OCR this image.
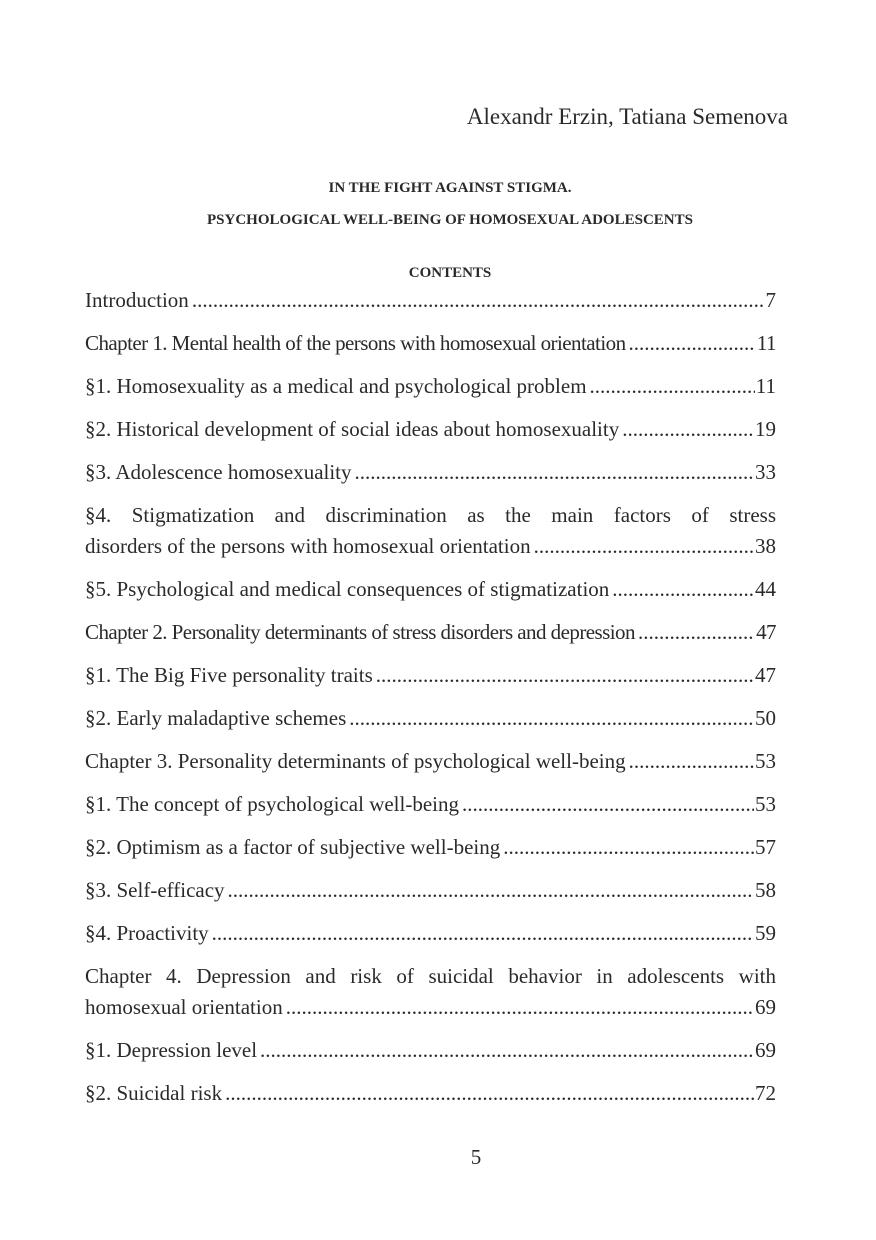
Alexandr Erzin, Tatiana Semenova
IN THE FIGHT AGAINST STIGMA.
PSYCHOLOGICAL WELL-BEING OF HOMOSEXUAL ADOLESCENTS
CONTENTS
Introduction .....	7
Chapter 1. Mental health of the persons with homosexual orientation .....	11
§1. Homosexuality as a medical and psychological problem .....	11
§2. Historical development of social ideas about homosexuality .....	19
§3. Adolescence homosexuality .....	33
§4. Stigmatization and discrimination as the main factors of stress
disorders of the persons with homosexual orientation .....	38
§5. Psychological and medical consequences of stigmatization .....	44
Chapter 2. Personality determinants of stress disorders and depression .....	47
§1. The Big Five personality traits .....	47
§2. Early maladaptive schemes .....	50
Chapter 3. Personality determinants of psychological well-being .....	53
§1. The concept of psychological well-being .....	53
§2. Optimism as a factor of subjective well-being .....	57
§3. Self-efficacy .....	58
§4. Proactivity .....	59
Chapter 4. Depression and risk of suicidal behavior in adolescents with
homosexual orientation .....	69
§1. Depression level .....	69
§2. Suicidal risk .....	72
5
